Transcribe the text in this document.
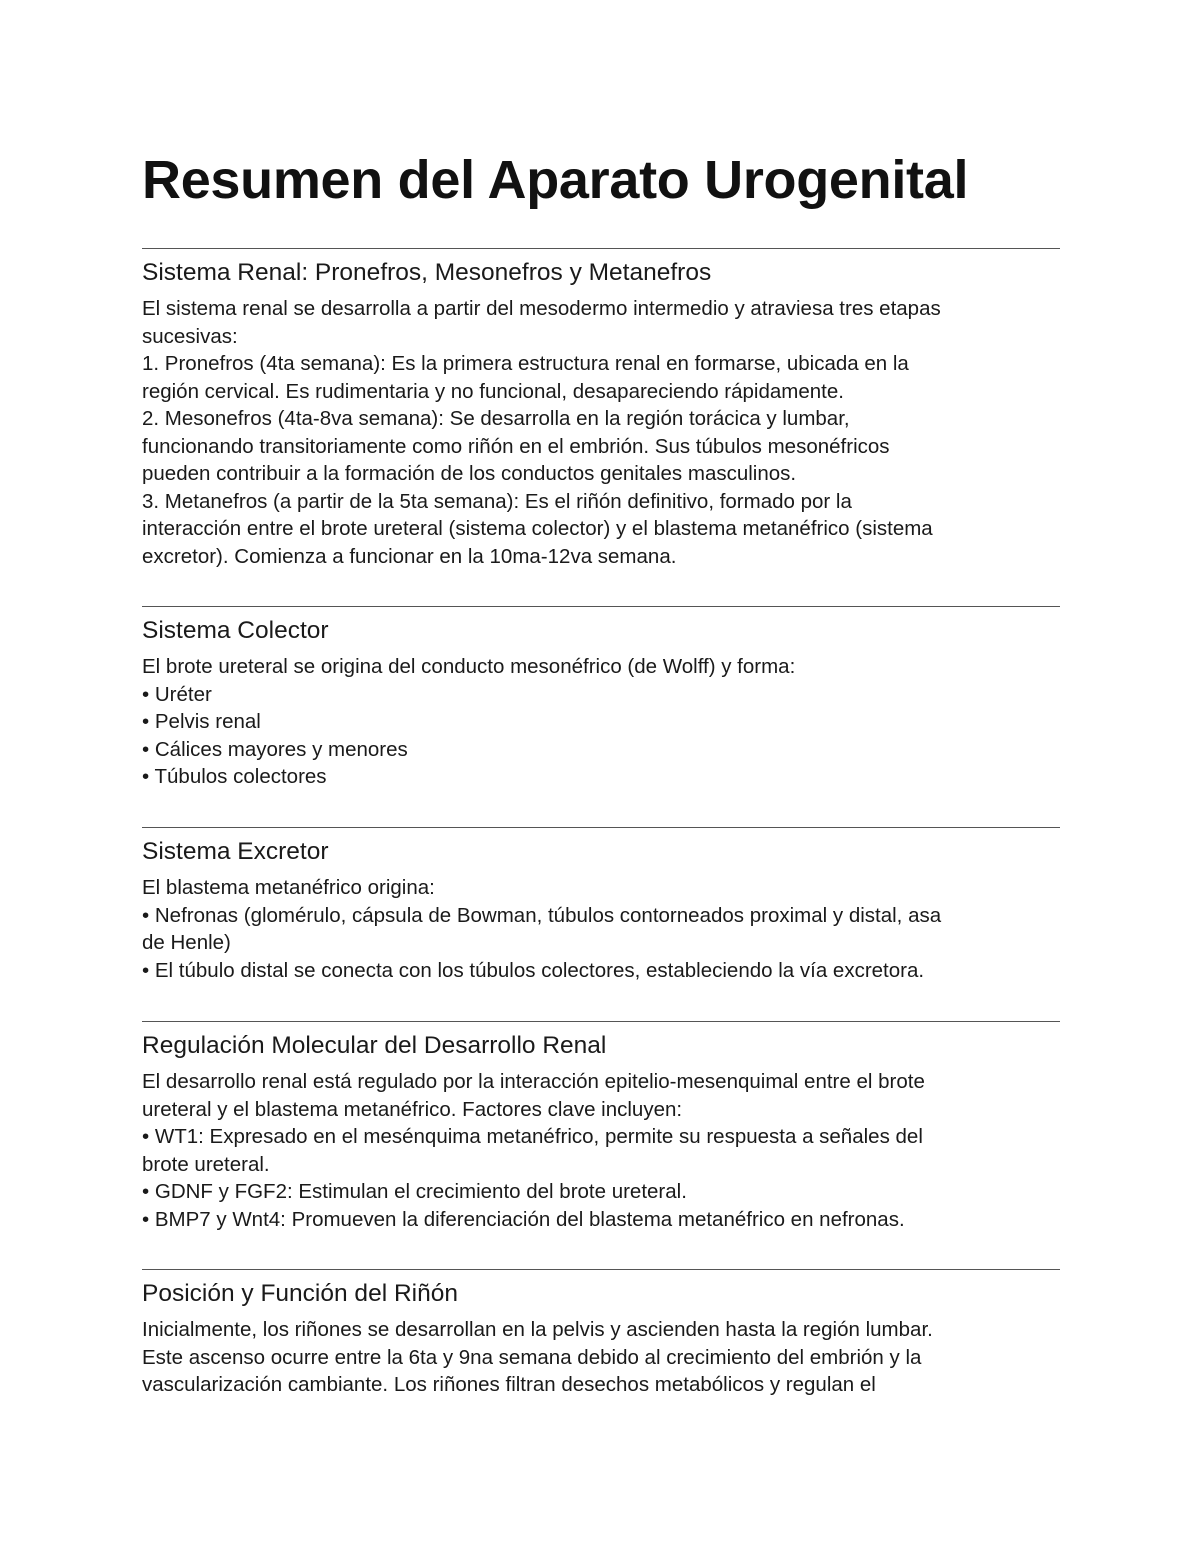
Resumen del Aparato Urogenital
Sistema Renal: Pronefros, Mesonefros y Metanefros

El sistema renal se desarrolla a partir del mesodermo intermedio y atraviesa tres etapas

sucesivas:

1. Pronefros (4ta semana): Es la primera estructura renal en formarse, ubicada en la

región cervical. Es rudimentaria y no funcional, desapareciendo rápidamente.

2. Mesonefros (4ta-8va semana): Se desarrolla en la región torácica y lumbar,

funcionando transitoriamente como riñón en el embrión. Sus túbulos mesonéfricos

pueden contribuir a la formación de los conductos genitales masculinos.

3. Metanefros (a partir de la 5ta semana): Es el riñón definitivo, formado por la

interacción entre el brote ureteral (sistema colector) y el blastema metanéfrico (sistema

excretor). Comienza a funcionar en la 10ma-12va semana.

Sistema Colector

El brote ureteral se origina del conducto mesonéfrico (de Wolff) y forma:

• Uréter

• Pelvis renal

• Cálices mayores y menores

• Túbulos colectores

Sistema Excretor

El blastema metanéfrico origina:

• Nefronas (glomérulo, cápsula de Bowman, túbulos contorneados proximal y distal, asa

de Henle)

• El túbulo distal se conecta con los túbulos colectores, estableciendo la vía excretora.

Regulación Molecular del Desarrollo Renal

El desarrollo renal está regulado por la interacción epitelio-mesenquimal entre el brote

ureteral y el blastema metanéfrico. Factores clave incluyen:

• WT1: Expresado en el mesénquima metanéfrico, permite su respuesta a señales del

brote ureteral.

• GDNF y FGF2: Estimulan el crecimiento del brote ureteral.

• BMP7 y Wnt4: Promueven la diferenciación del blastema metanéfrico en nefronas.

Posición y Función del Riñón

Inicialmente, los riñones se desarrollan en la pelvis y ascienden hasta la región lumbar.

Este ascenso ocurre entre la 6ta y 9na semana debido al crecimiento del embrión y la

vascularización cambiante. Los riñones filtran desechos metabólicos y regulan el
